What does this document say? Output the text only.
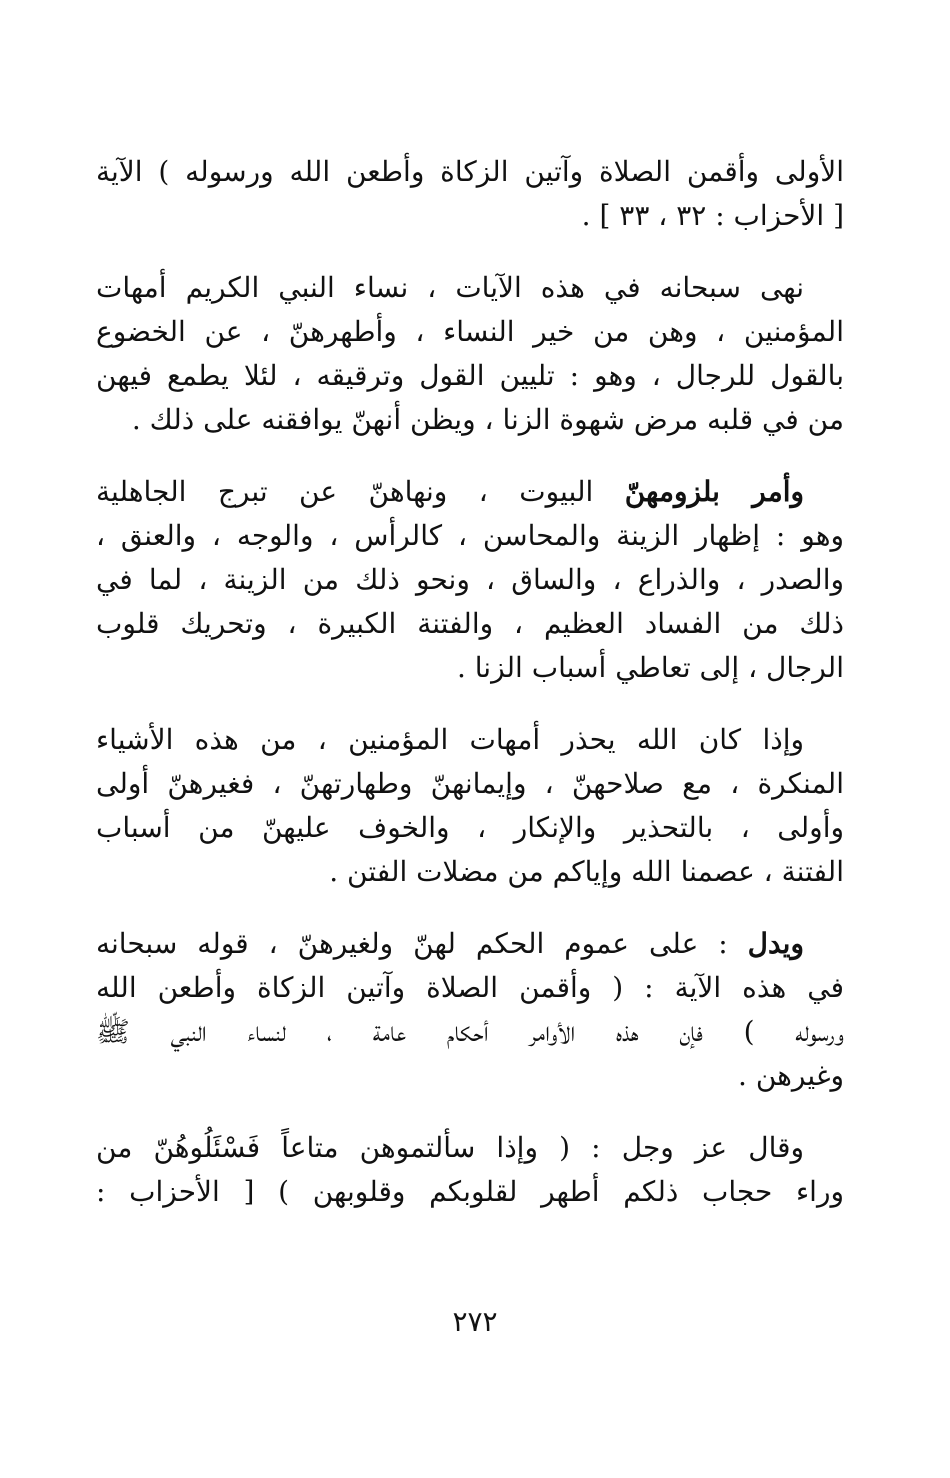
الأولى وأقمن الصلاة وآتين الزكاة وأطعن الله ورسوله ) الآية
[ الأحزاب : ٣٢ ، ٣٣ ] .

نهى سبحانه في هذه الآيات ، نساء النبي الكريم أمهات
المؤمنين ، وهن من خير النساء ، وأطهرهنّ ، عن الخضوع
بالقول للرجال ، وهو : تليين القول وترقيقه ، لئلا يطمع فيهن
من في قلبه مرض شهوة الزنا ، ويظن أنهنّ يوافقنه على ذلك .

وأمر بلزومهنّ البيوت ، ونهاهنّ عن تبرج الجاهلية
وهو : إظهار الزينة والمحاسن ، كالرأس ، والوجه ، والعنق ،
والصدر ، والذراع ، والساق ، ونحو ذلك من الزينة ، لما في
ذلك من الفساد العظيم ، والفتنة الكبيرة ، وتحريك قلوب
الرجال ، إلى تعاطي أسباب الزنا .

وإذا كان الله يحذر أمهات المؤمنين ، من هذه الأشياء
المنكرة ، مع صلاحهنّ ، وإيمانهنّ وطهارتهنّ ، فغيرهنّ أولى
وأولى ، بالتحذير والإنكار ، والخوف عليهنّ من أسباب
الفتنة ، عصمنا الله وإياكم من مضلات الفتن .

ويدل : على عموم الحكم لهنّ ولغيرهنّ ، قوله سبحانه
في هذه الآية : ( وأقمن الصلاة وآتين الزكاة وأطعن الله
ورسوله ) فإن هذه الأوامر أحكام عامة ، لنساء النبي ﷺ
وغيرهن .

وقال عز وجل : ( وإذا سألتموهن متاعاً فَسْئَلُوهُنّ من
وراء حجاب ذلكم أطهر لقلوبكم وقلوبهن ) [ الأحزاب :

٢٧٢
